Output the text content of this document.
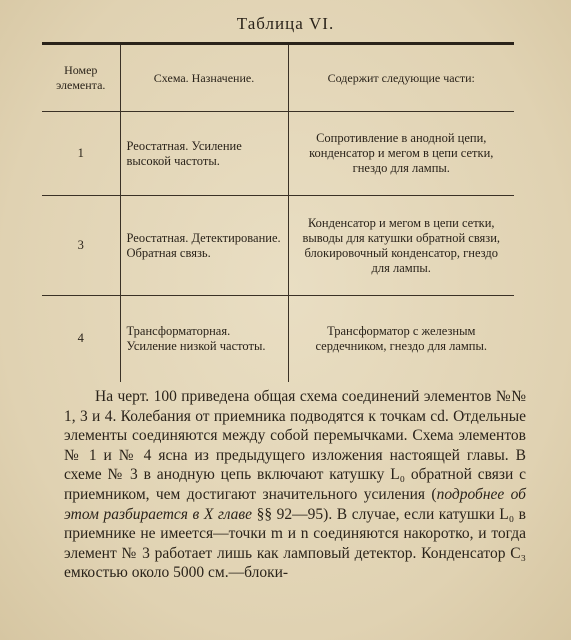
Таблица VI.
Номер элемента.	Схема. Назначение.	Содержит следующие части:
1	Реостатная. Усиление высокой частоты.	Сопротивление в анодной цепи, конденсатор и мегом в цепи сетки, гнездо для лампы.
3	Реостатная. Детектирование. Обратная связь.	Конденсатор и мегом в цепи сетки, выводы для катушки обратной связи, блокировочный конденсатор, гнездо для лампы.
4	Трансформаторная. Усиление низкой частоты.	Трансформатор с железным сердечником, гнездо для лампы.

На черт. 100 приведена общая схема соединений элементов №№ 1, 3 и 4. Колебания от приемника подводятся к точкам cd. Отдельные элементы соединяются между собой перемычками. Схема элементов № 1 и № 4 ясна из предыдущего изложения настоящей главы. В схеме № 3 в анодную цепь включают катушку L₀ обратной связи с приемником, чем достигают значительного усиления (подробнее об этом разбирается в X главе §§ 92—95). В случае, если катушки L₀ в приемнике не имеется—точки m и n соединяются накоротко, и тогда элемент № 3 работает лишь как ламповый детектор. Конденсатор C₃ емкостью около 5000 см.—блоки-
